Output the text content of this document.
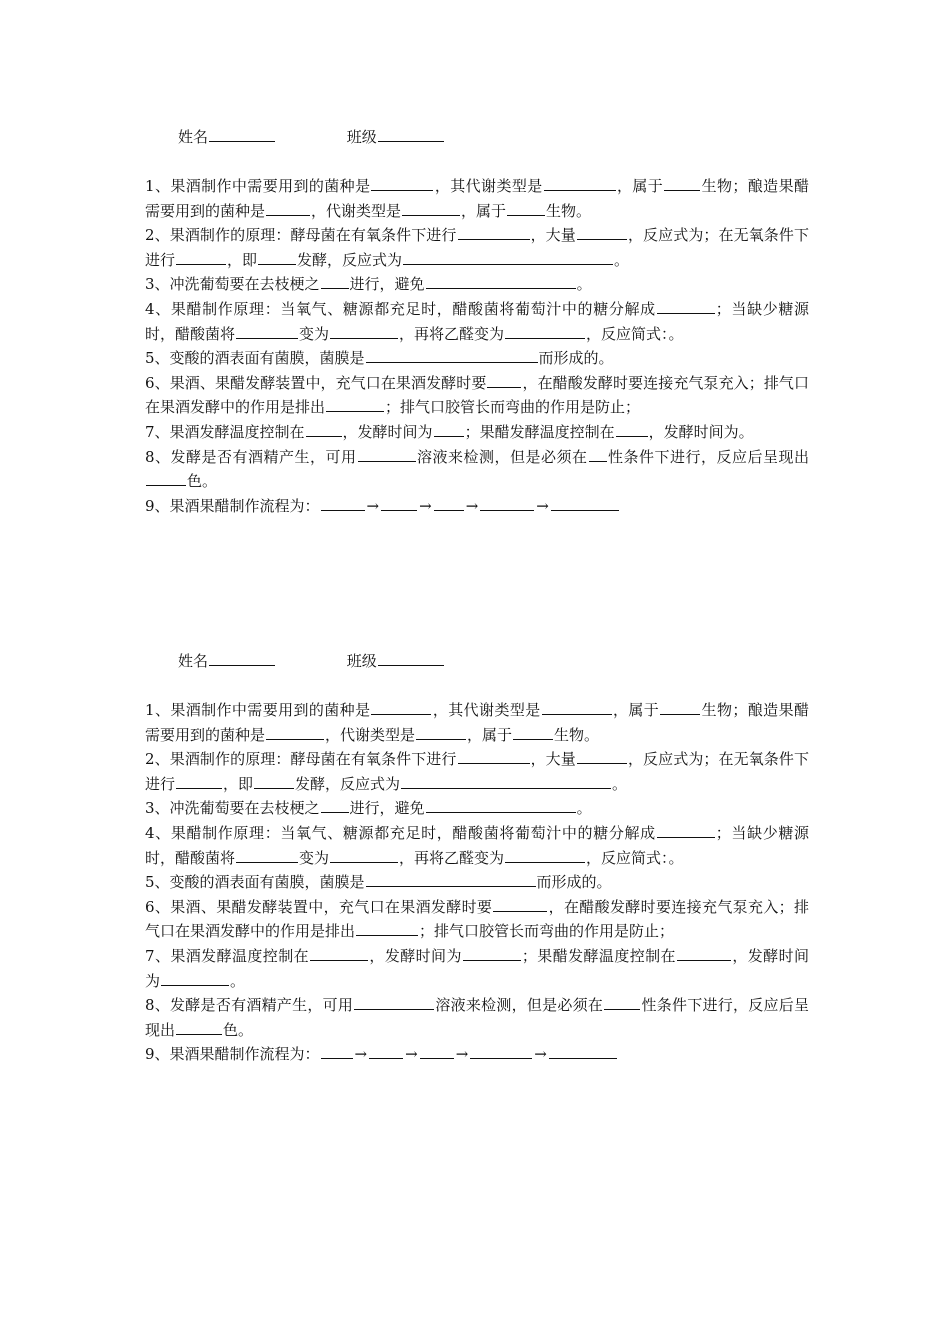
姓名	班级
1、果酒制作中需要用到的菌种是	，其代谢类型是	，属于	生物；酿造果醋需要用到的菌种是	，代谢类型是	，属于	生物。
2、果酒制作的原理：酵母菌在有氧条件下进行	，大量	，反应式为；在无氧条件下进行	，即	发酵，反应式为	。
3、冲洗葡萄要在去枝梗之 进行，避免	。
4、果醋制作原理：当氧气、糖源都充足时，醋酸菌将葡萄汁中的糖分解成	；当缺少糖源时，醋酸菌将	变为	，再将乙醛变为	，反应简式：。
5、变酸的酒表面有菌膜，菌膜是	而形成的。
6、果酒、果醋发酵装置中，充气口在果酒发酵时要 ，在醋酸发酵时要连接充气泵充入；排气口在果酒发酵中的作用是排出	；排气口胶管长而弯曲的作用是防止；
7、果酒发酵温度控制在	，发酵时间为 ；果醋发酵温度控制在 ，发酵时间为。
8、发酵是否有酒精产生，可用	溶液来检测，但是必须在 性条件下进行，反应后呈现出色。
9、果酒果醋制作流程为：	→	→ →	→
姓名	班级
1、果酒制作中需要用到的菌种是	，其代谢类型是	，属于	生物；酿造果醋需要用到的菌种是	，代谢类型是	，属于	生物。
2、果酒制作的原理：酵母菌在有氧条件下进行	，大量	，反应式为；在无氧条件下进行	，即	发酵，反应式为	。
3、冲洗葡萄要在去枝梗之 进行，避免	。
4、果醋制作原理：当氧气、糖源都充足时，醋酸菌将葡萄汁中的糖分解成	；当缺少糖源时，醋酸菌将	变为	，再将乙醛变为	，反应简式：。
5、变酸的酒表面有菌膜，菌膜是	而形成的。
6、果酒、果醋发酵装置中，充气口在果酒发酵时要	，在醋酸发酵时要连接充气泵充入；排气口在果酒发酵中的作用是排出	；排气口胶管长而弯曲的作用是防止；
7、果酒发酵温度控制在	，发酵时间为	；果醋发酵温度控制在	，发酵时间为	。
8、发酵是否有酒精产生，可用	溶液来检测，但是必须在	性条件下进行，反应后呈现出	色。
9、果酒果醋制作流程为： →	→	→	→
